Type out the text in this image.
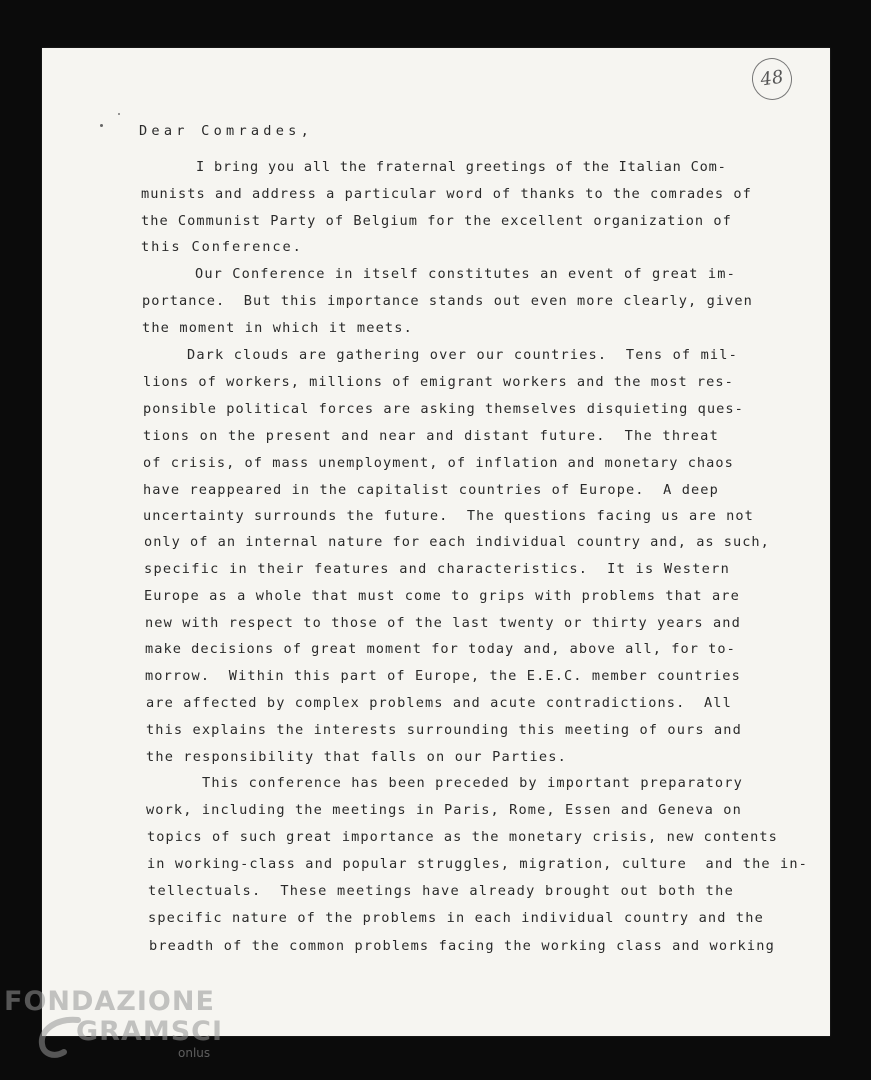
48
Dear Comrades,
I bring you all the fraternal greetings of the Italian Com-
munists and address a particular word of thanks to the comrades of
the Communist Party of Belgium for the excellent organization of
this Conference.
Our Conference in itself constitutes an event of great im-
portance.  But this importance stands out even more clearly, given
the moment in which it meets.
Dark clouds are gathering over our countries.  Tens of mil-
lions of workers, millions of emigrant workers and the most res-
ponsible political forces are asking themselves disquieting ques-
tions on the present and near and distant future.  The threat
of crisis, of mass unemployment, of inflation and monetary chaos
have reappeared in the capitalist countries of Europe.  A deep
uncertainty surrounds the future.  The questions facing us are not
only of an internal nature for each individual country and, as such,
specific in their features and characteristics.  It is Western
Europe as a whole that must come to grips with problems that are
new with respect to those of the last twenty or thirty years and
make decisions of great moment for today and, above all, for to-
morrow.  Within this part of Europe, the E.E.C. member countries
are affected by complex problems and acute contradictions.  All
this explains the interests surrounding this meeting of ours and
the responsibility that falls on our Parties.
This conference has been preceded by important preparatory
work, including the meetings in Paris, Rome, Essen and Geneva on
topics of such great importance as the monetary crisis, new contents
in working-class and popular struggles, migration, culture  and the in-
tellectuals.  These meetings have already brought out both the
specific nature of the problems in each individual country and the
breadth of the common problems facing the working class and working
FONDAZIONE
GRAMSCI
onlus
